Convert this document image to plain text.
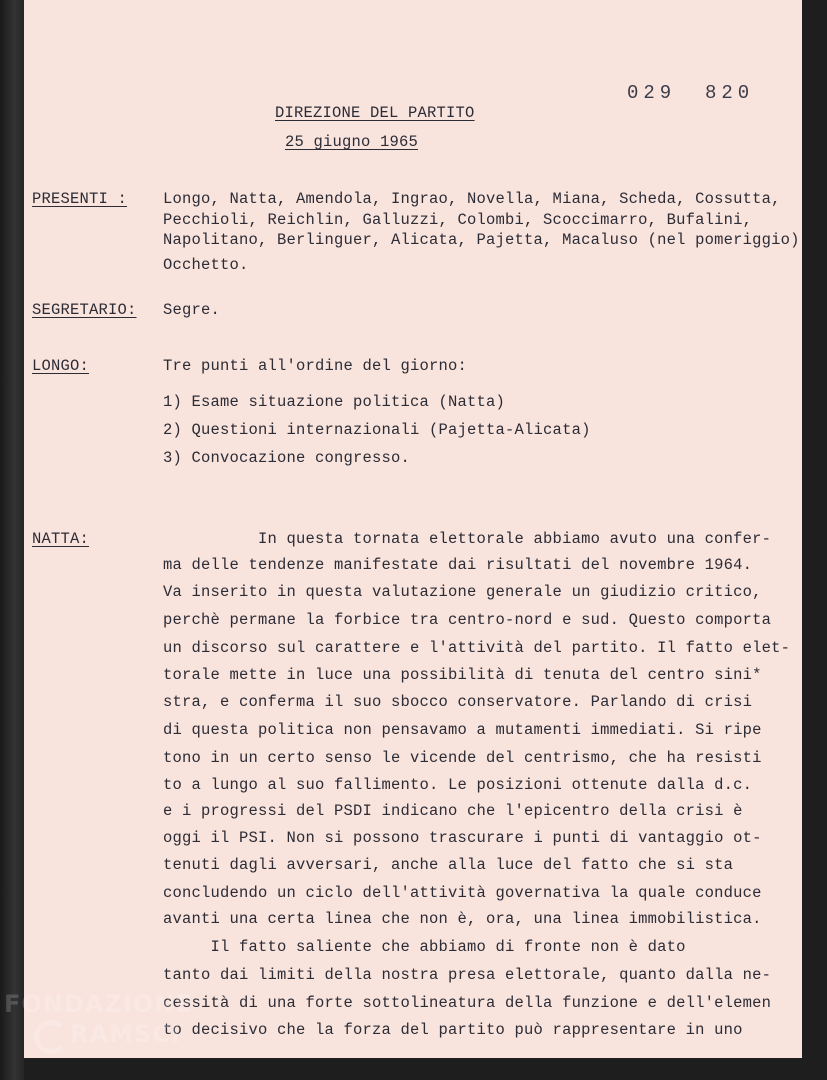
029 820
DIREZIONE DEL PARTITO
25 giugno 1965
PRESENTI : Longo, Natta, Amendola, Ingrao, Novella, Miana, Scheda, Cossutta,
Pecchioli, Reichlin, Galluzzi, Colombi, Scoccimarro, Bufalini,
Napolitano, Berlinguer, Alicata, Pajetta, Macaluso (nel pomeriggio)
Occhetto.
SEGRETARIO: Segre.
LONGO:	Tre punti all'ordine del giorno:
1) Esame situazione politica (Natta)
2) Questioni internazionali (Pajetta-Alicata)
3) Convocazione congresso.
NATTA:	In questa tornata elettorale abbiamo avuto una confer-
ma delle tendenze manifestate dai risultati del novembre 1964.
Va inserito in questa valutazione generale un giudizio critico,
perchè permane la forbice tra centro-nord e sud. Questo comporta
un discorso sul carattere e l'attività del partito. Il fatto elet-
torale mette in luce una possibilità di tenuta del centro sini*
stra, e conferma il suo sbocco conservatore. Parlando di crisi
di questa politica non pensavamo a mutamenti immediati. Si ripe
tono in un certo senso le vicende del centrismo, che ha resisti
to a lungo al suo fallimento. Le posizioni ottenute dalla d.c.
e i progressi del PSDI indicano che l'epicentro della crisi è
oggi il PSI. Non si possono trascurare i punti di vantaggio ot-
tenuti dagli avversari, anche alla luce del fatto che si sta
concludendo un ciclo dell'attività governativa la quale conduce
avanti una certa linea che non è, ora, una linea immobilistica.
Il fatto saliente che abbiamo di fronte non è dato
tanto dai limiti della nostra presa elettorale, quanto dalla ne-
cessità di una forte sottolineatura della funzione e dell'elemen
to decisivo che la forza del partito può rappresentare in uno
FONDAZIONE
RAMSCI
